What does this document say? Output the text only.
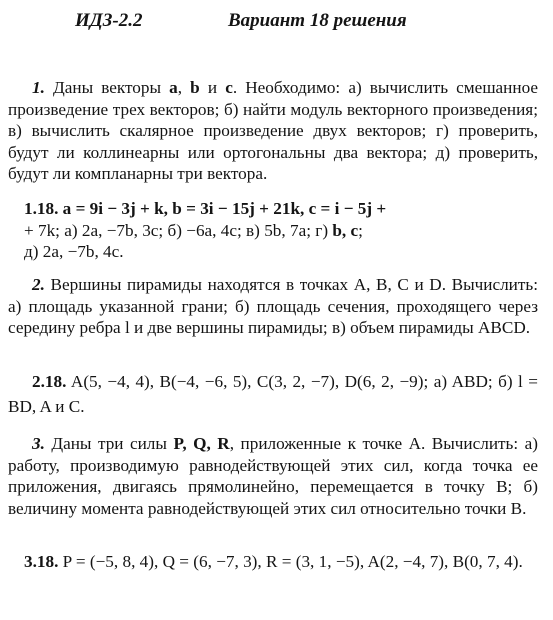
ИДЗ-2.2	Вариант 18 решения

1. Даны векторы a, b и c. Необходимо: а) вычислить смешанное произведение трех векторов; б) найти модуль векторного произведения; в) вычислить скалярное произведение двух векторов; г) проверить, будут ли коллинеарны или ортогональны два вектора; д) проверить, будут ли компланарны три вектора.

1.18. a = 9i − 3j + k, b = 3i − 15j + 21k, c = i − 5j +
+ 7k; а) 2a, −7b, 3c; б) −6a, 4c; в) 5b, 7a; г) b, c;
д) 2a, −7b, 4c.

2. Вершины пирамиды находятся в точках A, B, C и D. Вычислить: а) площадь указанной грани; б) площадь сечения, проходящего через середину ребра l и две вершины пирамиды; в) объем пирамиды ABCD.

2.18. A(5, −4, 4), B(−4, −6, 5), C(3, 2, −7), D(6, 2, −9); а) ABD; б) l = BD, A и C.

3. Даны три силы P, Q, R, приложенные к точке A. Вычислить: а) работу, производимую равнодействующей этих сил, когда точка ее приложения, двигаясь прямолинейно, перемещается в точку B; б) величину момента равнодействующей этих сил относительно точки B.

3.18. P = (−5, 8, 4), Q = (6, −7, 3), R = (3, 1, −5), A(2, −4, 7), B(0, 7, 4).
